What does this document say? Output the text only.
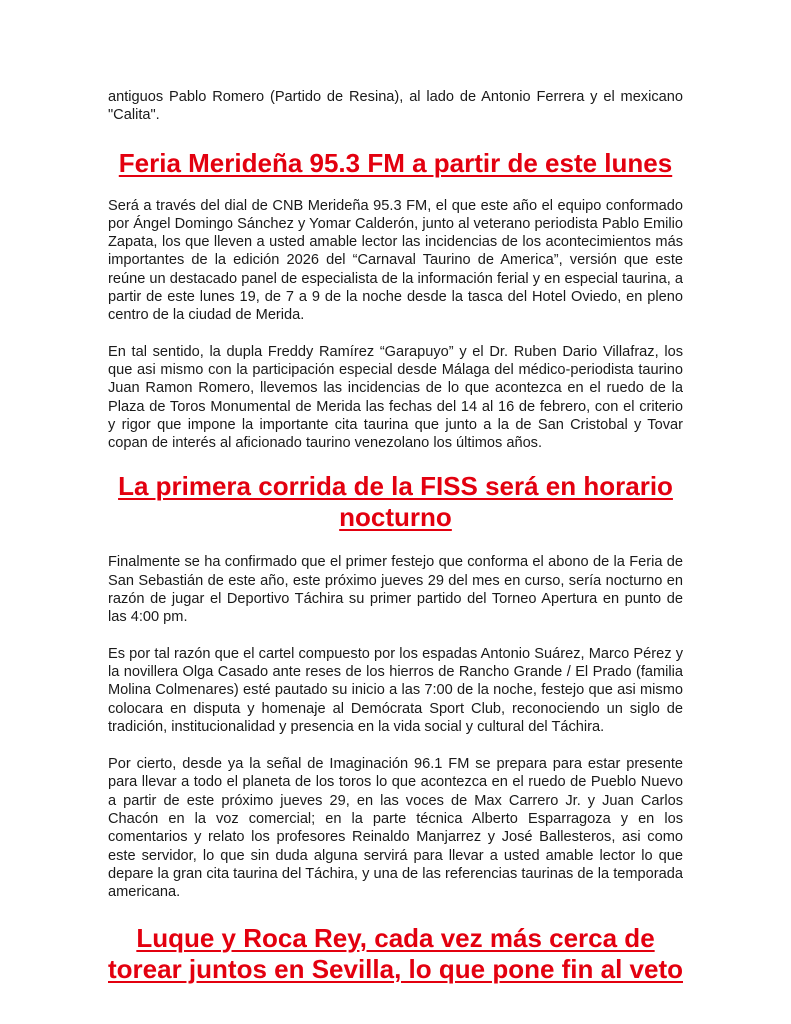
antiguos Pablo Romero (Partido de Resina), al lado de Antonio Ferrera y el mexicano "Calita".

Feria Merideña 95.3 FM a partir de este lunes

Será a través del dial de CNB Merideña 95.3 FM, el que este año el equipo conformado por Ángel Domingo Sánchez y Yomar Calderón, junto al veterano periodista Pablo Emilio Zapata, los que lleven a usted amable lector las incidencias de los acontecimientos más importantes de la edición 2026 del “Carnaval Taurino de America”, versión que este reúne un destacado panel de especialista de la información ferial y en especial taurina, a partir de este lunes 19, de 7 a 9 de la noche desde la tasca del Hotel Oviedo, en pleno centro de la ciudad de Merida.

En tal sentido, la dupla Freddy Ramírez “Garapuyo” y el Dr. Ruben Dario Villafraz, los que asi mismo con la participación especial desde Málaga del médico-periodista taurino Juan Ramon Romero, llevemos las incidencias de lo que acontezca en el ruedo de la Plaza de Toros Monumental de Merida las fechas del 14 al 16 de febrero, con el criterio y rigor que impone la importante cita taurina que junto a la de San Cristobal y Tovar copan de interés al aficionado taurino venezolano los últimos años.

La primera corrida de la FISS será en horario nocturno

Finalmente se ha confirmado que el primer festejo que conforma el abono de la Feria de San Sebastián de este año, este próximo jueves 29 del mes en curso, sería nocturno en razón de jugar el Deportivo Táchira su primer partido del Torneo Apertura en punto de las 4:00 pm.

Es por tal razón que el cartel compuesto por los espadas Antonio Suárez, Marco Pérez y la novillera Olga Casado ante reses de los hierros de Rancho Grande / El Prado (familia Molina Colmenares) esté pautado su inicio a las 7:00 de la noche, festejo que asi mismo colocara en disputa y homenaje al Demócrata Sport Club, reconociendo un siglo de tradición, institucionalidad y presencia en la vida social y cultural del Táchira.

Por cierto, desde ya la señal de Imaginación 96.1 FM se prepara para estar presente para llevar a todo el planeta de los toros lo que acontezca en el ruedo de Pueblo Nuevo a partir de este próximo jueves 29, en las voces de Max Carrero Jr. y Juan Carlos Chacón en la voz comercial; en la parte técnica Alberto Esparragoza y en los comentarios y relato los profesores Reinaldo Manjarrez y José Ballesteros, asi como este servidor, lo que sin duda alguna servirá para llevar a usted amable lector lo que depare la gran cita taurina del Táchira, y una de las referencias taurinas de la temporada americana.

Luque y Roca Rey, cada vez más cerca de torear juntos en Sevilla, lo que pone fin al veto
